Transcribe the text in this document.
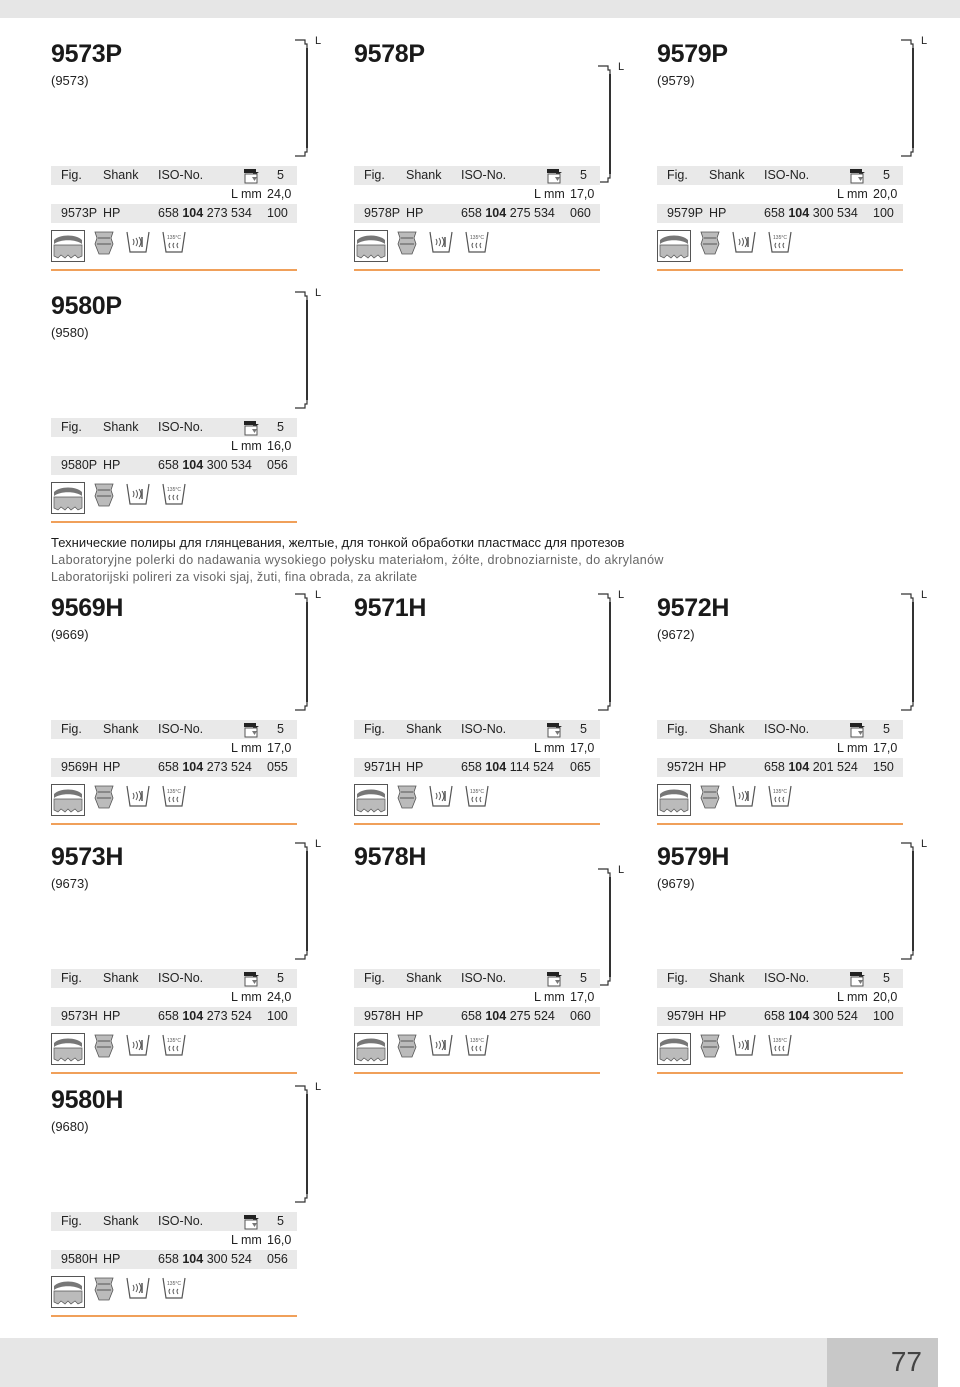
9573P
(9573)
L
Fig. Shank ISO-No.	5
L mm 24,0
9573P HP	658 104 273 534 100
135°C
9578P	L
Fig. Shank ISO-No.	5
L mm 17,0
9578P HP	658 104 275 534 060
135°C
9579P
(9579)
L
Fig. Shank ISO-No.	5
L mm 20,0
9579P HP	658 104 300 534 100
135°C
9580P
(9580)
L
Fig. Shank ISO-No.	5
L mm 16,0
9580P HP	658 104 300 534 056
135°C
9569H
(9669)
L
Fig. Shank ISO-No.	5
L mm 17,0
9569H HP	658 104 273 524 055
135°C
9571H	L
Fig. Shank ISO-No.	5
L mm 17,0
9571H HP	658 104 114 524 065
135°C
9572H
(9672)
L
Fig. Shank ISO-No.	5
L mm 17,0
9572H HP	658 104 201 524 150
135°C
9573H
(9673)
L
Fig. Shank ISO-No.	5
L mm 24,0
9573H HP	658 104 273 524 100
135°C
9578H	L
Fig. Shank ISO-No.	5
L mm 17,0
9578H HP	658 104 275 524 060
135°C
9579H
(9679)
L
Fig. Shank ISO-No.	5
L mm 20,0
9579H HP	658 104 300 524 100
135°C
9580H
(9680)
L
Fig. Shank ISO-No.	5
L mm 16,0
9580H HP	658 104 300 524 056
135°C
Технические полиры для глянцевания, желтые, для тонкой обработки пластмасс для протезов
Laboratoryjne polerki do nadawania wysokiego połysku materiałom, żółte, drobnoziarniste, do akrylanów
Laboratorijski polireri za visoki sjaj, žuti, fina obrada, za akrilate
77
